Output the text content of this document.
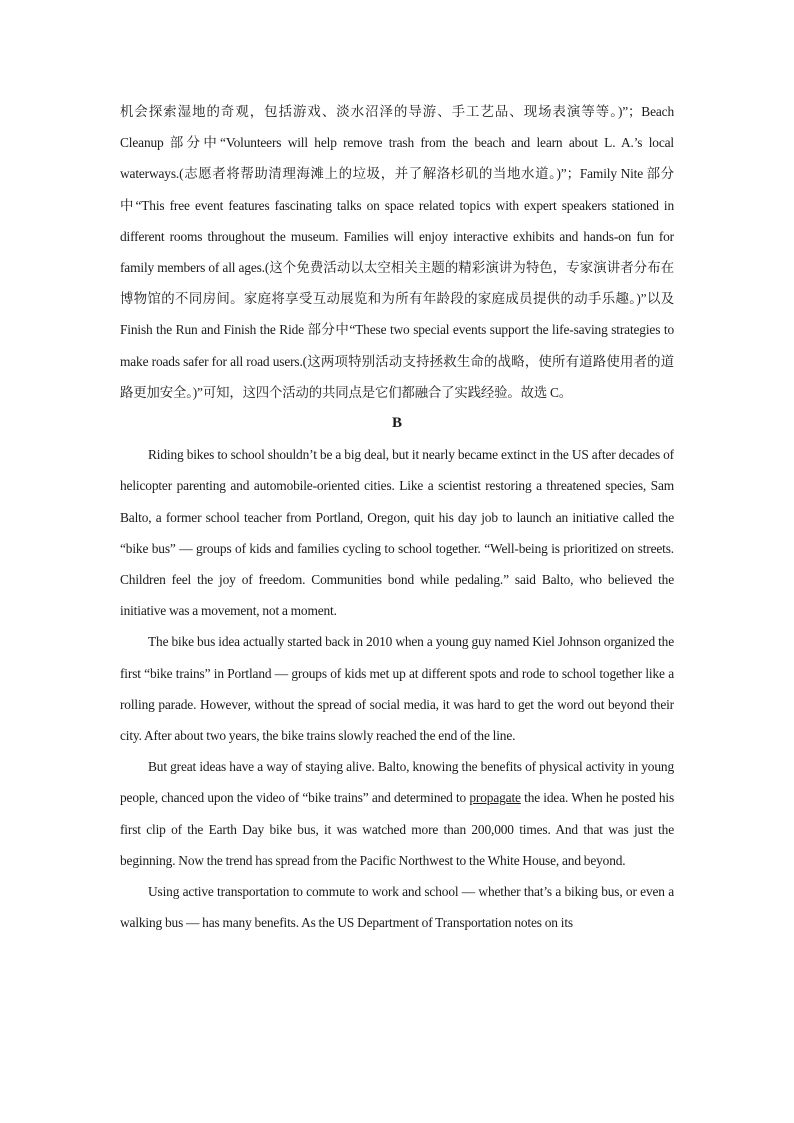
机会探索湿地的奇观，包括游戏、淡水沼泽的导游、手工艺品、现场表演等等。)”；Beach Cleanup 部分中“Volunteers will help remove trash from the beach and learn about L. A.’s local waterways.(志愿者将帮助清理海滩上的垃圾，并了解洛杉矶的当地水道。)”；Family Nite 部分中“This free event features fascinating talks on space related topics with expert speakers stationed in different rooms throughout the museum. Families will enjoy interactive exhibits and hands-on fun for family members of all ages.(这个免费活动以太空相关主题的精彩演讲为特色，专家演讲者分布在博物馆的不同房间。家庭将享受互动展览和为所有年龄段的家庭成员提供的动手乐趣。)”以及 Finish the Run and Finish the Ride 部分中“These two special events support the life-saving strategies to make roads safer for all road users.(这两项特别活动支持拯救生命的战略，使所有道路使用者的道路更加安全。)”可知，这四个活动的共同点是它们都融合了实践经验。故选 C。

B

Riding bikes to school shouldn’t be a big deal, but it nearly became extinct in the US after decades of helicopter parenting and automobile-oriented cities. Like a scientist restoring a threatened species, Sam Balto, a former school teacher from Portland, Oregon, quit his day job to launch an initiative called the “bike bus” — groups of kids and families cycling to school together. “Well-being is prioritized on streets. Children feel the joy of freedom. Communities bond while pedaling.” said Balto, who believed the initiative was a movement, not a moment.

The bike bus idea actually started back in 2010 when a young guy named Kiel Johnson organized the first “bike trains” in Portland — groups of kids met up at different spots and rode to school together like a rolling parade. However, without the spread of social media, it was hard to get the word out beyond their city. After about two years, the bike trains slowly reached the end of the line.

But great ideas have a way of staying alive. Balto, knowing the benefits of physical activity in young people, chanced upon the video of “bike trains” and determined to propagate the idea. When he posted his first clip of the Earth Day bike bus, it was watched more than 200,000 times. And that was just the beginning. Now the trend has spread from the Pacific Northwest to the White House, and beyond.

Using active transportation to commute to work and school — whether that’s a biking bus, or even a walking bus — has many benefits. As the US Department of Transportation notes on its
